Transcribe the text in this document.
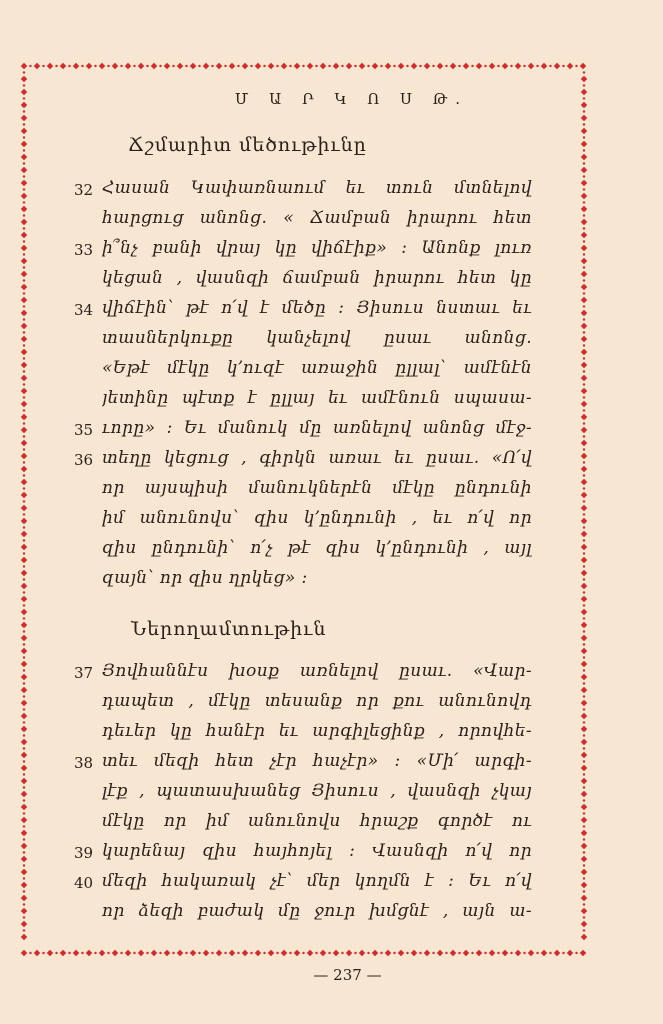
Մ Ա Ր Կ Ո Ս Թ.
Ճշմարիտ մեծութիւնը
Հասան Կափառնաում եւ տուն մտնելով
հարցուց անոնց. « Ճամբան իրարու հետ
ի՞նչ բանի վրայ կը վիճէիք» : Անոնք լուռ
կեցան , վասնզի ճամբան իրարու հետ կը
վիճէին՝ թէ ո՛վ է մեծը : Յիսուս նստաւ եւ
տասներկուքը կանչելով ըսաւ անոնց.
«Եթէ մէկը կ՚ուզէ առաջին ըլլալ՝ ամէնէն
յետինը պէտք է ըլլայ եւ ամէնուն սպասա-
ւորը» : Եւ մանուկ մը առնելով անոնց մէջ-
տեղը կեցուց , գիրկն առաւ եւ ըսաւ. «Ո՛վ
որ այսպիսի մանուկներէն մէկը ընդունի
իմ անունովս՝ զիս կ՚ընդունի , եւ ո՛վ որ
զիս ընդունի՝ ո՛չ թէ զիս կ՚ընդունի , այլ
զայն՝ որ զիս ղրկեց» :
32
33
34
35
36
Ներողամտութիւն
Յովհաննէս խօսք առնելով ըսաւ. «Վար-
դապետ , մէկը տեսանք որ քու անունովդ
դեւեր կը հանէր եւ արգիլեցինք , որովհե-
տեւ մեզի հետ չէր հաչէր» : «Մի՛ արգի-
լէք , պատասխանեց Յիսուս , վասնզի չկայ
մէկը որ իմ անունովս հրաշք գործէ ու
կարենայ զիս հայհոյել : Վասնզի ո՛վ որ
մեզի հակառակ չէ՝ մեր կողմն է : Եւ ո՛վ
որ ձեզի բաժակ մը ջուր խմցնէ , այն ա-
37
38
39
40
— 237 —
